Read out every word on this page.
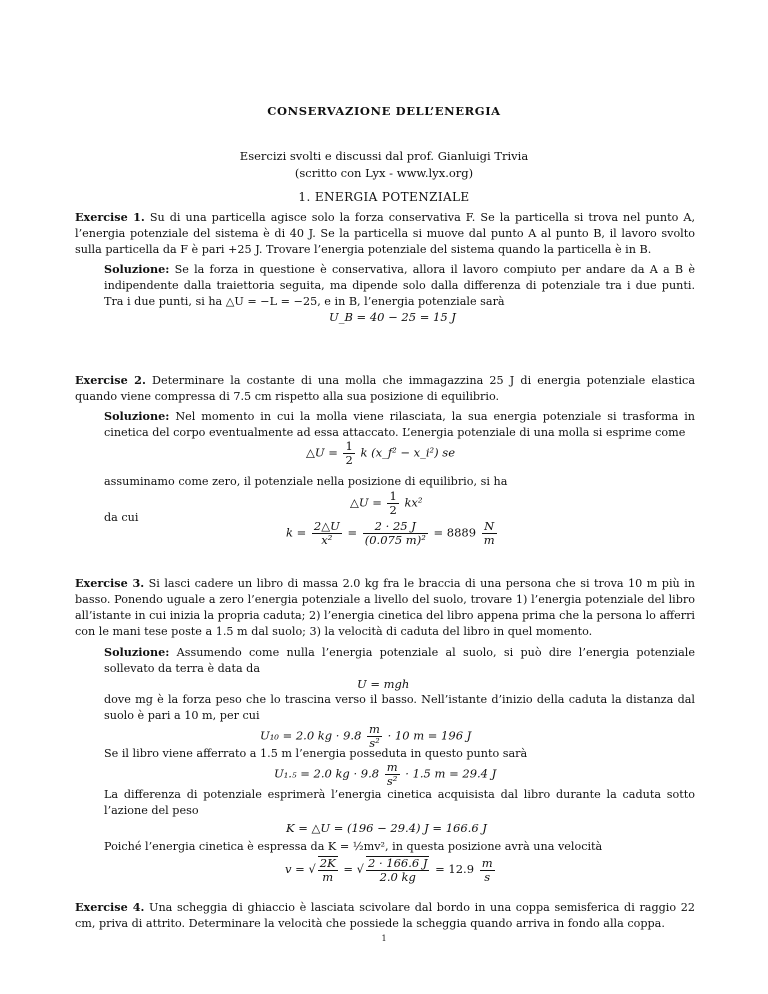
CONSERVAZIONE DELL’ENERGIA
Esercizi svolti e discussi dal prof. Gianluigi Trivia
(scritto con Lyx - www.lyx.org)
1. ENERGIA POTENZIALE
Exercise 1. Su di una particella agisce solo la forza conservativa F. Se la particella si trova nel punto A, l’energia potenziale del sistema è di 40 J. Se la particella si muove dal punto A al punto B, il lavoro svolto sulla particella da F è pari +25 J. Trovare l’energia potenziale del sistema quando la particella è in B.
Soluzione: Se la forza in questione è conservativa, allora il lavoro compiuto per andare da A a B è indipendente dalla traiettoria seguita, ma dipende solo dalla differenza di potenziale tra i due punti. Tra i due punti, si ha △U = −L = −25, e in B, l’energia potenziale sarà
U_B = 40 − 25 = 15 J
Exercise 2. Determinare la costante di una molla che immagazzina 25 J di energia potenziale elastica quando viene compressa di 7.5 cm rispetto alla sua posizione di equilibrio.
Soluzione: Nel momento in cui la molla viene rilasciata, la sua energia potenziale si trasforma in cinetica del corpo eventualmente ad essa attaccato. L’energia potenziale di una molla si esprime come
△U = $\frac{1}{2}$ k (x_f² − x_i²) se
assuminamo come zero, il potenziale nella posizione di equilibrio, si ha
△U = $\frac{1}{2} kx^2$
da cui
$k = \frac{2\triangle U}{\text{x²}} = \frac{2 \cdot 25 J}{\text{(0.075 m)²}} = 8889 \frac{N}{m}$
Exercise 3. Si lasci cadere un libro di massa 2.0 kg fra le braccia di una persona che si trova 10 m più in basso. Ponendo uguale a zero l’energia potenziale a livello del suolo, trovare 1) l’energia potenziale del libro all’istante in cui inizia la propria caduta; 2) l’energia cinetica del libro appena prima che la persona lo afferri con le mani tese poste a 1.5 m dal suolo; 3) la velocità di caduta del libro in quel momento.
Soluzione: Assumendo come nulla l’energia potenziale al suolo, si può dire l’energia potenziale sollevato da terra è data da
U = mgh
dove mg è la forza peso che lo trascina verso il basso. Nell’istante d’inizio della caduta la distanza dal suolo è pari a 10 m, per cui
U₁₀ = 2.0 kg · $9.8 \frac{m}{\text{s²}} \cdot 10$ m = 196 J
Se il libro viene afferrato a 1.5 m l’energia posseduta in questo punto sarà
U₁.₅ = 2.0 kg · $9.8 \frac{m}{\text{s²}} \cdot 1.5$ m = 29.4 J
La differenza di potenziale esprimerà l’energia cinetica acquisista dal libro durante la caduta sotto l’azione del peso
K = △U = (196 − 29.4) J = 166.6 J
Poiché l’energia cinetica è espressa da K = ½mv², in questa posizione avrà una velocità
v = √ $\frac{2K}{m}$ = √ $\frac{2 \cdot 166.6 J}{2.0 kg} = 12.9 \frac{m}{s}$
Exercise 4. Una scheggia di ghiaccio è lasciata scivolare dal bordo in una coppa semisferica di raggio 22 cm, priva di attrito. Determinare la velocità che possiede la scheggia quando arriva in fondo alla coppa.
1
